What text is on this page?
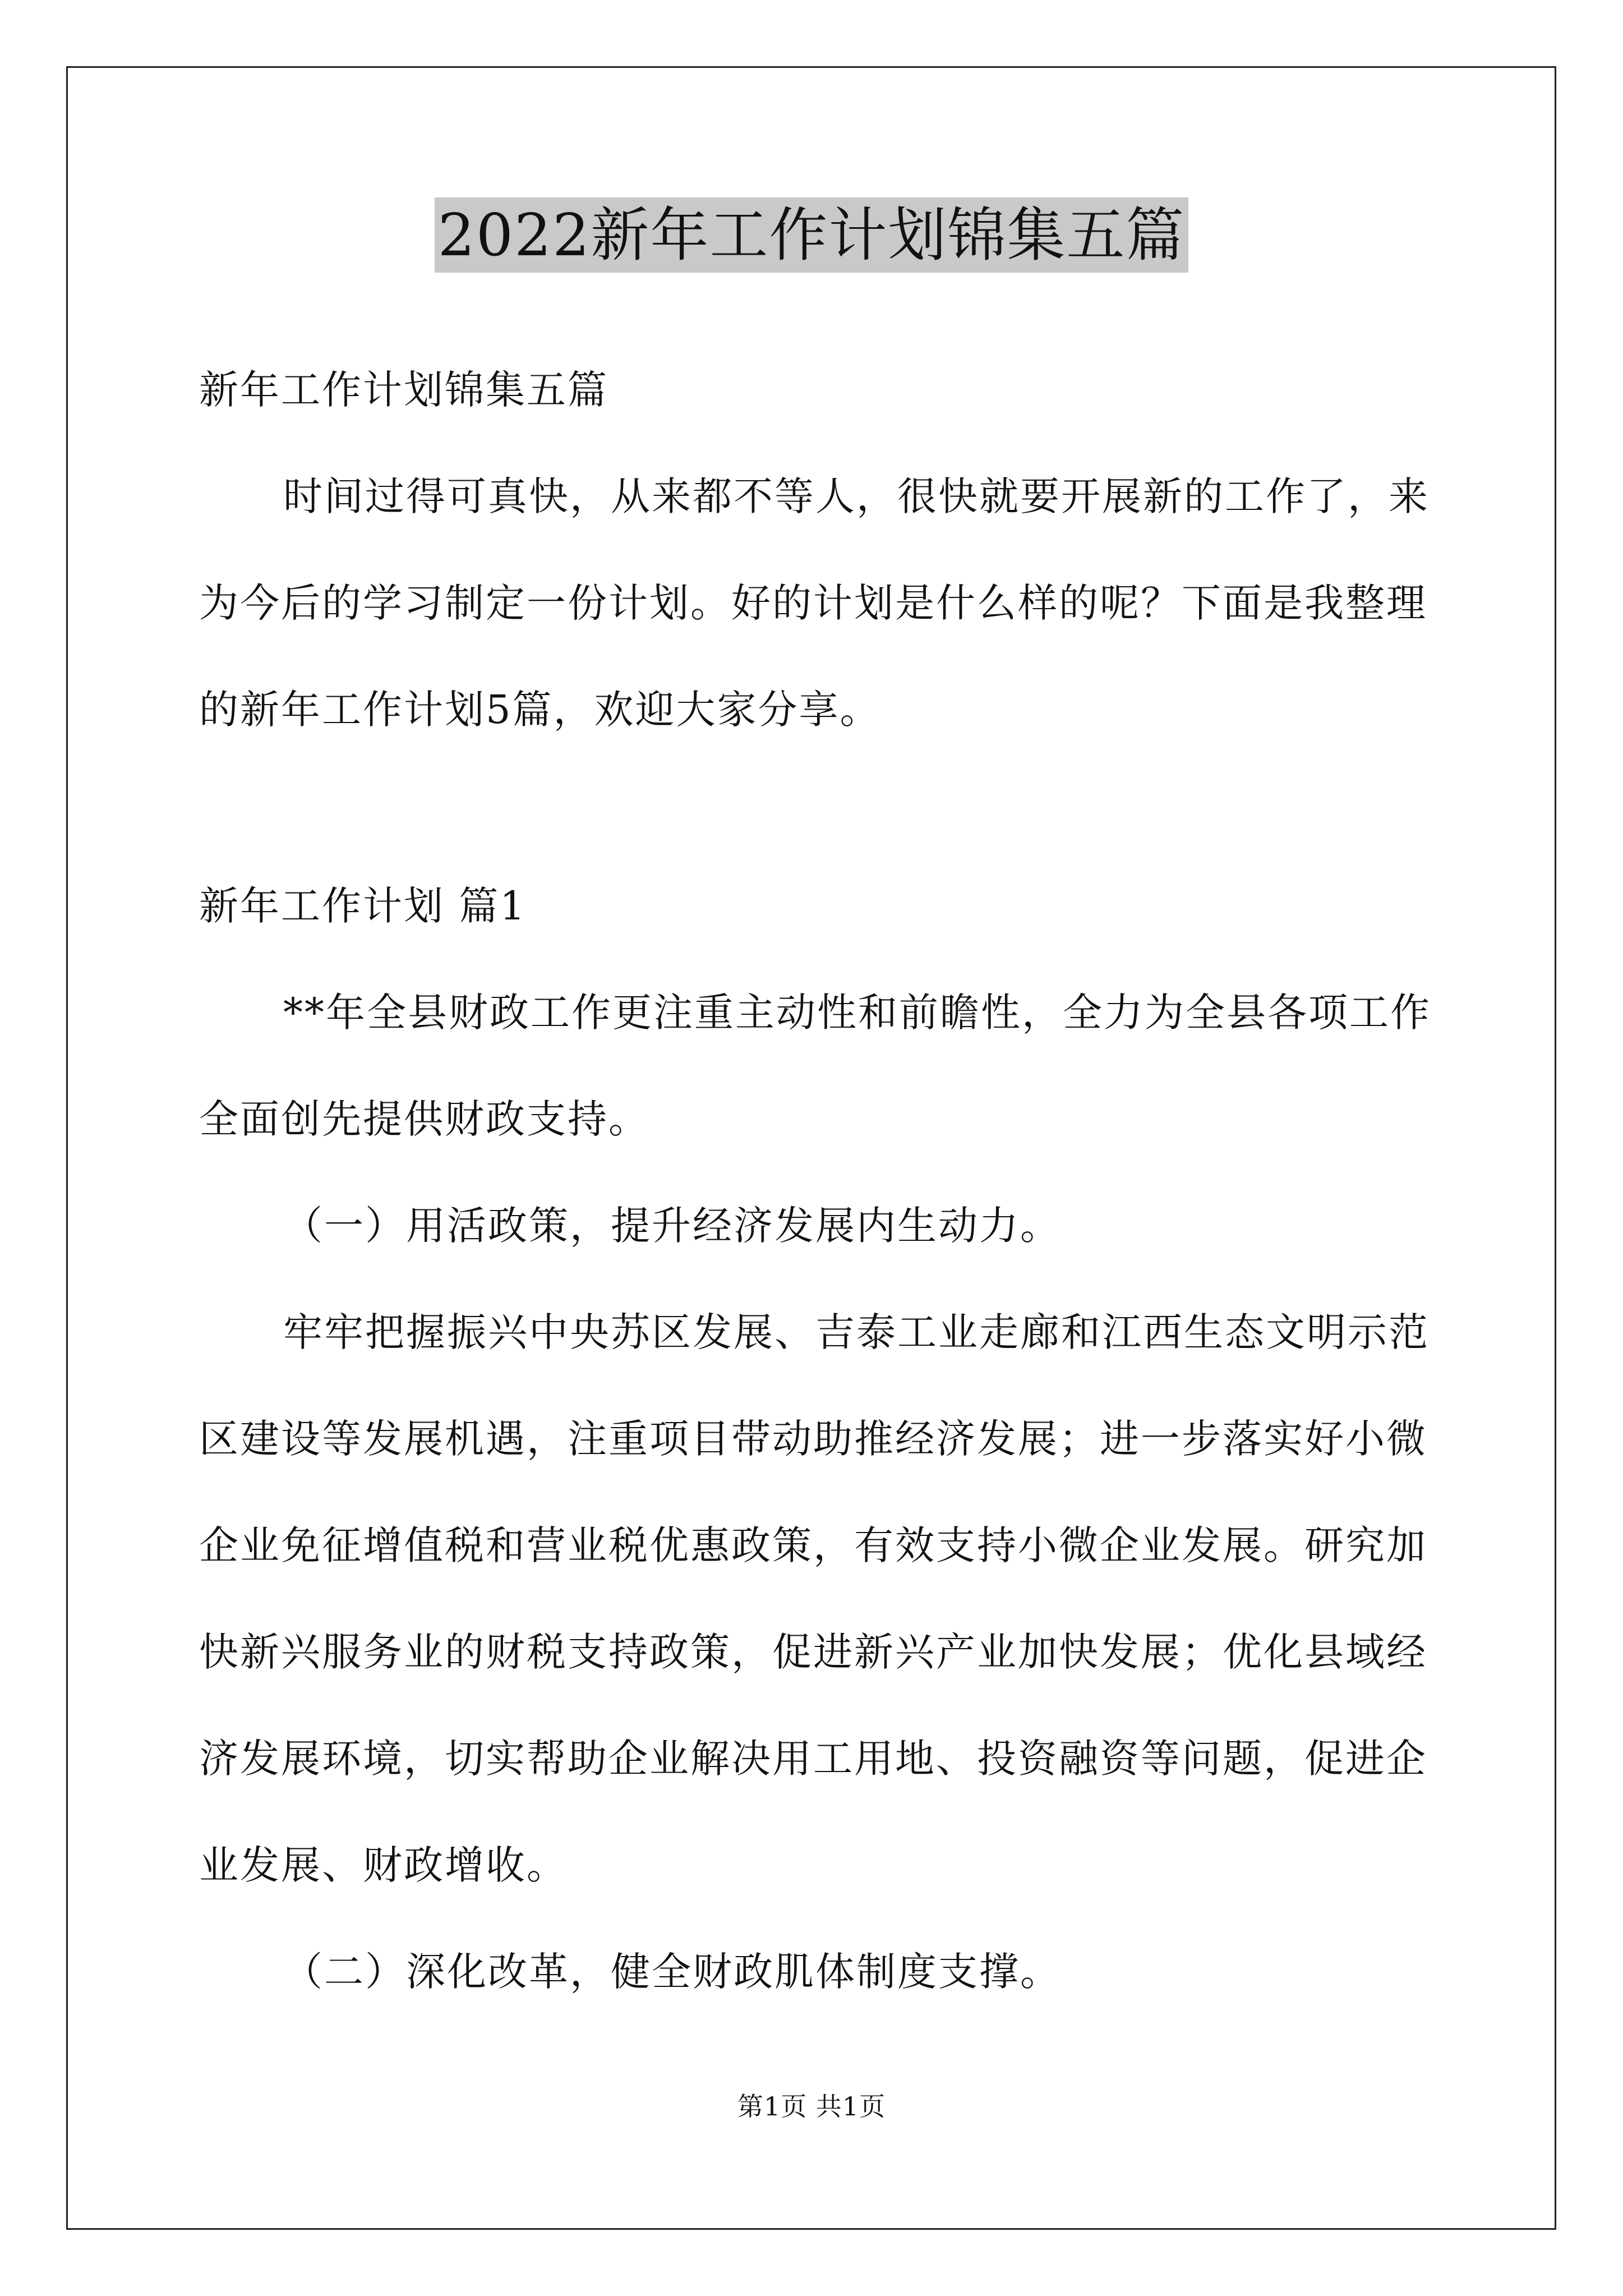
2022新年工作计划锦集五篇
新年工作计划锦集五篇
时间过得可真快，从来都不等人，很快就要开展新的工作了，来
为今后的学习制定一份计划。好的计划是什么样的呢？下面是我整理
的新年工作计划5篇，欢迎大家分享。
新年工作计划 篇1
**年全县财政工作更注重主动性和前瞻性，全力为全县各项工作
全面创先提供财政支持。
（一）用活政策，提升经济发展内生动力。
牢牢把握振兴中央苏区发展、吉泰工业走廊和江西生态文明示范
区建设等发展机遇，注重项目带动助推经济发展；进一步落实好小微
企业免征增值税和营业税优惠政策，有效支持小微企业发展。研究加
快新兴服务业的财税支持政策，促进新兴产业加快发展；优化县域经
济发展环境，切实帮助企业解决用工用地、投资融资等问题，促进企
业发展、财政增收。
（二）深化改革，健全财政肌体制度支撑。
第1页 共1页
